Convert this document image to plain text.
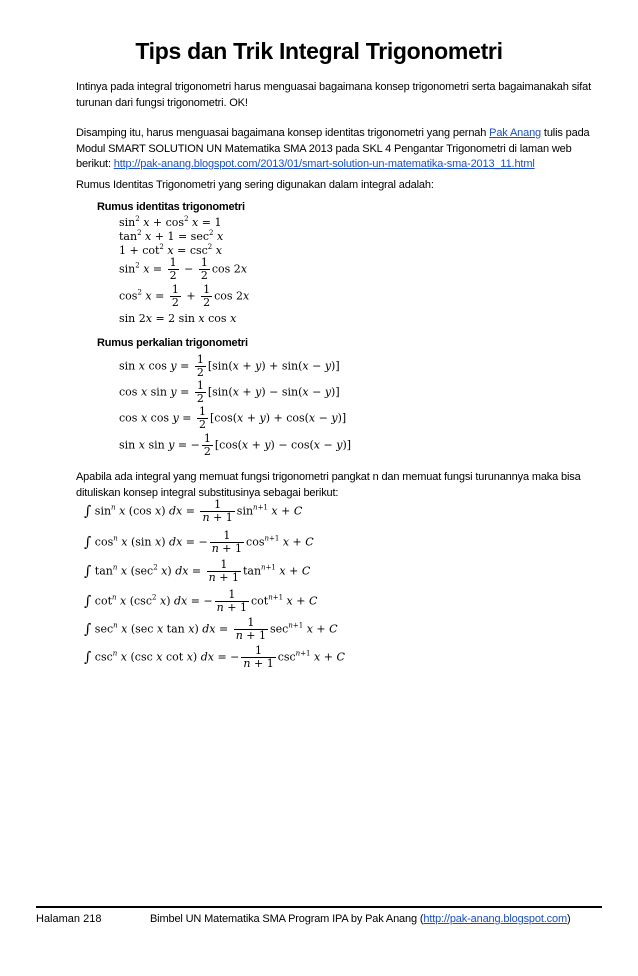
Tips dan Trik Integral Trigonometri
Intinya pada integral trigonometri harus menguasai bagaimana konsep trigonometri serta bagaimanakah sifat turunan dari fungsi trigonometri. OK!
Disamping itu, harus menguasai bagaimana konsep identitas trigonometri yang pernah Pak Anang tulis pada Modul SMART SOLUTION UN Matematika SMA 2013 pada SKL 4 Pengantar Trigonometri di laman web berikut: http://pak-anang.blogspot.com/2013/01/smart-solution-un-matematika-sma-2013_11.html
Rumus Identitas Trigonometri yang sering digunakan dalam integral adalah:
Rumus identitas trigonometri
$\sin^2 x + \cos^2 x = 1$
$\tan^2 x + 1 = \sec^2 x$
$1 + \cot^2 x = \csc^2 x$
$\sin^2 x = \frac{1}{2} - \frac{1}{2}$ cos 2x
$\cos^2 x = \frac{1}{2} + \frac{1}{2}$ cos 2x
sin 2x = 2 sin x cos x
Rumus perkalian trigonometri
sin x $\cos y = \frac{1}{2} [\sin(x + y) + \sin(x - y)]$
cos x $\sin y = \frac{1}{2} [\sin(x + y) - \sin(x - y)]$
cos x $\cos y = \frac{1}{2} [\cos(x + y) + \cos(x - y)]$
sin x sin y = − $\frac{1}{2} [\cos(x + y) - \cos(x - y)]$
Apabila ada integral yang memuat fungsi trigonometri pangkat n dan memuat fungsi turunannya maka bisa dituliskan konsep integral substitusinya sebagai berikut:
∫ $\sin^n x$ (cos x) dx = $\frac{1}{n + 1} \sin^{n+1} x + C$
∫ $\cos^n x$ (sin x) dx = − $\frac{1}{n + 1} \cos^{n+1} x + C$
∫ $\tan^n x$ ($\sec^2$ x) dx = $\frac{1}{n + 1} \tan^{n+1} x + C$
∫ $\cot^n x$ ($\csc^2$ x) dx = − $\frac{1}{n + 1} \cot^{n+1} x + C$
∫ $\sec^n x$ (sec x tan x) dx = $\frac{1}{n + 1} \sec^{n+1} x + C$
∫ $\csc^n x$ (csc x cot x) dx = − $\frac{1}{n + 1} \csc^{n+1} x + C$
Halaman 218	Bimbel UN Matematika SMA Program IPA by Pak Anang (http://pak-anang.blogspot.com)
